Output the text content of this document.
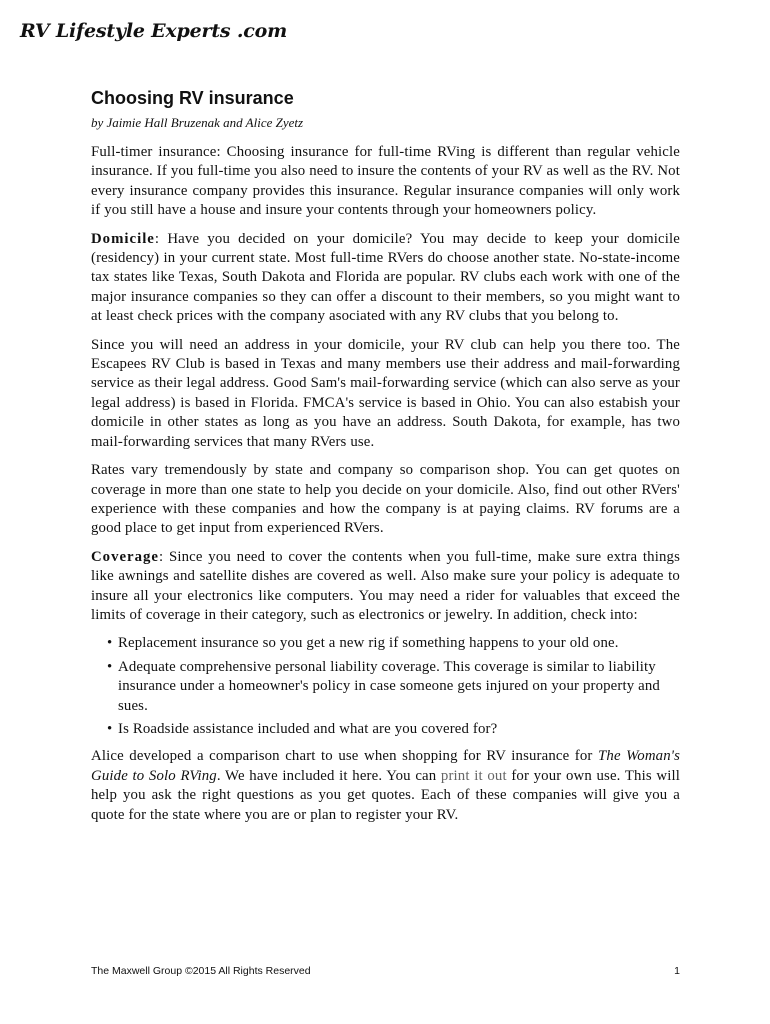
RV Lifestyle Experts .com
Choosing RV insurance
by Jaimie Hall Bruzenak and Alice Zyetz

Full-timer insurance: Choosing insurance for full-time RVing is different than regular vehicle insurance. If you full-time you also need to insure the contents of your RV as well as the RV. Not every insurance company provides this insurance. Regular insurance companies will only work if you still have a house and insure your contents through your homeowners policy.

Domicile: Have you decided on your domicile? You may decide to keep your domicile (residency) in your current state. Most full-time RVers do choose another state. No-state-income tax states like Texas, South Dakota and Florida are popular. RV clubs each work with one of the major insurance companies so they can offer a discount to their members, so you might want to at least check prices with the company asociated with any RV clubs that you belong to.

Since you will need an address in your domicile, your RV club can help you there too. The Escapees RV Club is based in Texas and many members use their address and mail-forwarding service as their legal address. Good Sam's mail-forwarding service (which can also serve as your legal address) is based in Florida. FMCA's service is based in Ohio. You can also estabish your domicile in other states as long as you have an address. South Dakota, for example, has two mail-forwarding services that many RVers use.

Rates vary tremendously by state and company so comparison shop. You can get quotes on coverage in more than one state to help you decide on your domicile. Also, find out other RVers' experience with these companies and how the company is at paying claims. RV forums are a good place to get input from experienced RVers.

Coverage: Since you need to cover the contents when you full-time, make sure extra things like awnings and satellite dishes are covered as well. Also make sure your policy is adequate to insure all your electronics like computers. You may need a rider for valuables that exceed the limits of coverage in their category, such as electronics or jewelry. In addition, check into:

• Replacement insurance so you get a new rig if something happens to your old one.
• Adequate comprehensive personal liability coverage. This coverage is similar to liability insurance under a homeowner's policy in case someone gets injured on your property and sues.
• Is Roadside assistance included and what are you covered for?

Alice developed a comparison chart to use when shopping for RV insurance for The Woman's Guide to Solo RVing. We have included it here. You can print it out for your own use. This will help you ask the right questions as you get quotes. Each of these companies will give you a quote for the state where you are or plan to register your RV.

The Maxwell Group ©2015 All Rights Reserved	1
